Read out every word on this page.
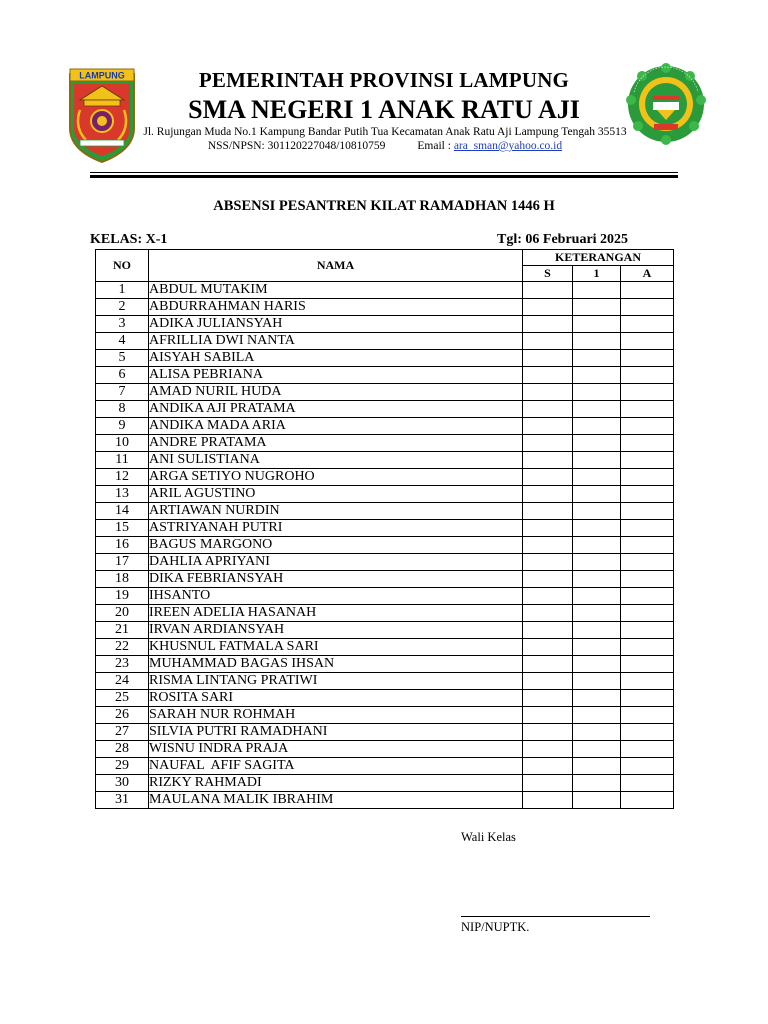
LAMPUNG	PEMERINTAH PROVINSI LAMPUNG
SMA NEGERI 1 ANAK RATU AJI
Jl. Rujungan Muda No.1 Kampung Bandar Putih Tua Kecamatan Anak Ratu Aji Lampung Tengah 35513
NSS/NPSN: 301120227048/10810759	Email : ara_sman@yahoo.co.id
ABSENSI PESANTREN KILAT RAMADHAN 1446 H
KELAS: X-1	Tgl: 06 Februari 2025
NO	NAMA	KETERANGAN		
		S	1	A
1	ABDUL MUTAKIM			
2	ABDURRAHMAN HARIS			
3	ADIKA JULIANSYAH			
4	AFRILLIA DWI NANTA			
5	AISYAH SABILA			
6	ALISA PEBRIANA			
7	AMAD NURIL HUDA			
8	ANDIKA AJI PRATAMA			
9	ANDIKA MADA ARIA			
10	ANDRE PRATAMA			
11	ANI SULISTIANA			
12	ARGA SETIYO NUGROHO			
13	ARIL AGUSTINO			
14	ARTIAWAN NURDIN			
15	ASTRIYANAH PUTRI			
16	BAGUS MARGONO			
17	DAHLIA APRIYANI			
18	DIKA FEBRIANSYAH			
19	IHSANTO			
20	IREEN ADELIA HASANAH			
21	IRVAN ARDIANSYAH			
22	KHUSNUL FATMALA SARI			
23	MUHAMMAD BAGAS IHSAN			
24	RISMA LINTANG PRATIWI			
25	ROSITA SARI			
26	SARAH NUR ROHMAH			
27	SILVIA PUTRI RAMADHANI			
28	WISNU INDRA PRAJA			
29	NAUFAL  AFIF SAGITA			
30	RIZKY RAHMADI			
31	MAULANA MALIK IBRAHIM			
Wali Kelas
NIP/NUPTK.
